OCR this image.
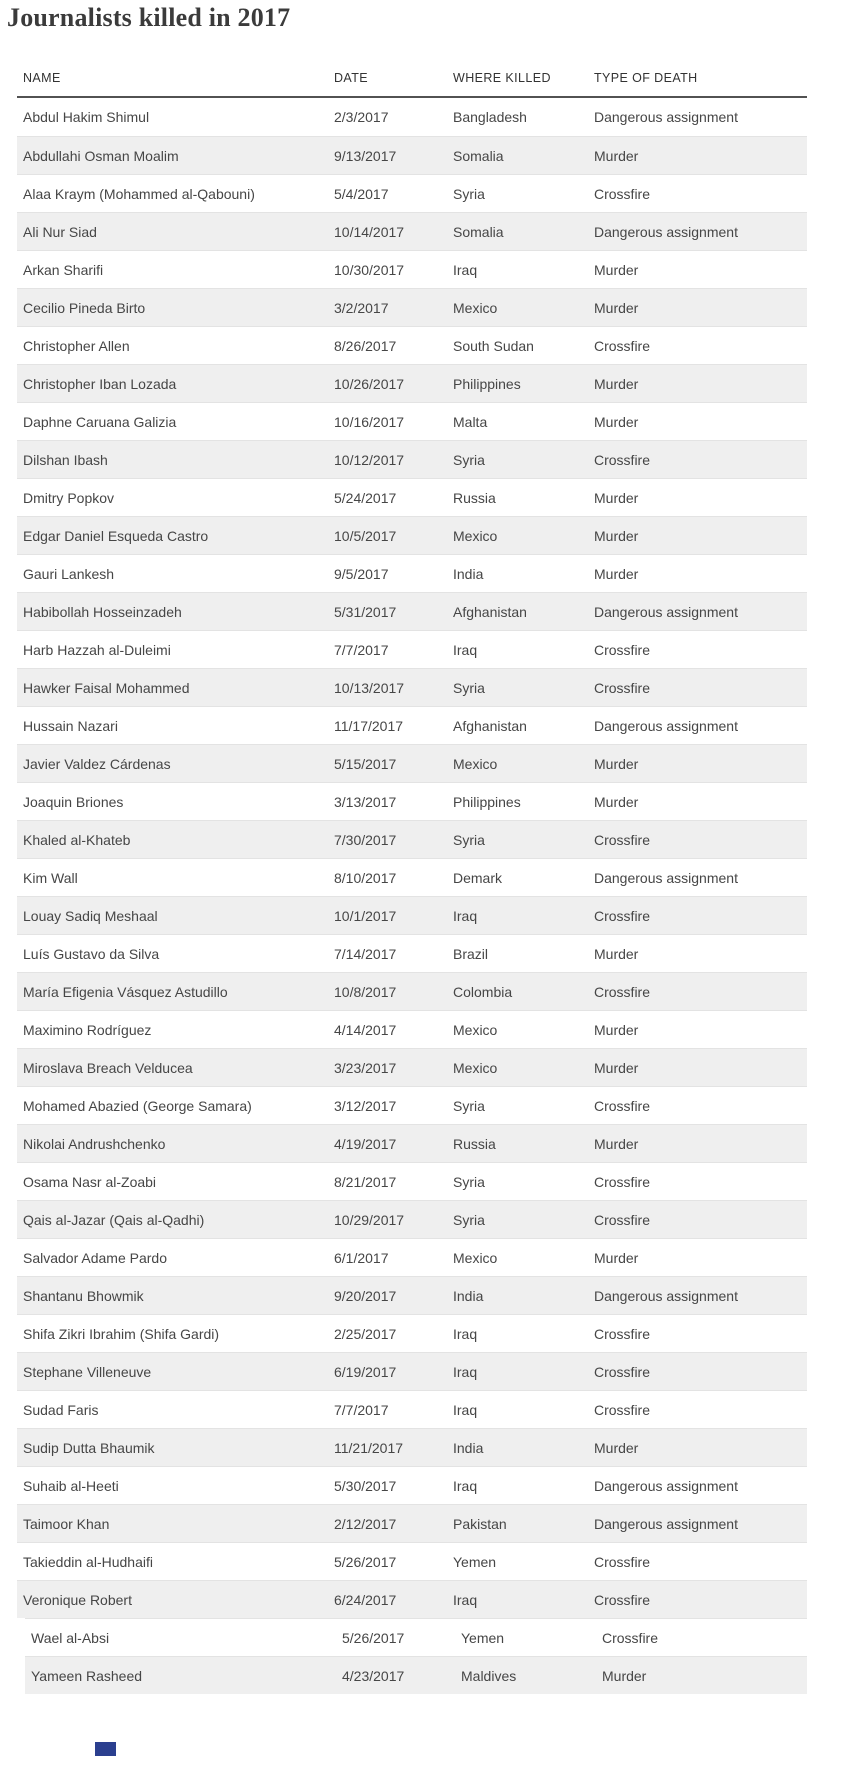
Journalists killed in 2017
NAME	DATE	WHERE KILLED	TYPE OF DEATH
Abdul Hakim Shimul	2/3/2017	Bangladesh	Dangerous assignment
Abdullahi Osman Moalim	9/13/2017	Somalia	Murder
Alaa Kraym (Mohammed al-Qabouni)	5/4/2017	Syria	Crossfire
Ali Nur Siad	10/14/2017	Somalia	Dangerous assignment
Arkan Sharifi	10/30/2017	Iraq	Murder
Cecilio Pineda Birto	3/2/2017	Mexico	Murder
Christopher Allen	8/26/2017	South Sudan	Crossfire
Christopher Iban Lozada	10/26/2017	Philippines	Murder
Daphne Caruana Galizia	10/16/2017	Malta	Murder
Dilshan Ibash	10/12/2017	Syria	Crossfire
Dmitry Popkov	5/24/2017	Russia	Murder
Edgar Daniel Esqueda Castro	10/5/2017	Mexico	Murder
Gauri Lankesh	9/5/2017	India	Murder
Habibollah Hosseinzadeh	5/31/2017	Afghanistan	Dangerous assignment
Harb Hazzah al-Duleimi	7/7/2017	Iraq	Crossfire
Hawker Faisal Mohammed	10/13/2017	Syria	Crossfire
Hussain Nazari	11/17/2017	Afghanistan	Dangerous assignment
Javier Valdez Cárdenas	5/15/2017	Mexico	Murder
Joaquin Briones	3/13/2017	Philippines	Murder
Khaled al-Khateb	7/30/2017	Syria	Crossfire
Kim Wall	8/10/2017	Demark	Dangerous assignment
Louay Sadiq Meshaal	10/1/2017	Iraq	Crossfire
Luís Gustavo da Silva	7/14/2017	Brazil	Murder
María Efigenia Vásquez Astudillo	10/8/2017	Colombia	Crossfire
Maximino Rodríguez	4/14/2017	Mexico	Murder
Miroslava Breach Velducea	3/23/2017	Mexico	Murder
Mohamed Abazied (George Samara)	3/12/2017	Syria	Crossfire
Nikolai Andrushchenko	4/19/2017	Russia	Murder
Osama Nasr al-Zoabi	8/21/2017	Syria	Crossfire
Qais al-Jazar (Qais al-Qadhi)	10/29/2017	Syria	Crossfire
Salvador Adame Pardo	6/1/2017	Mexico	Murder
Shantanu Bhowmik	9/20/2017	India	Dangerous assignment
Shifa Zikri Ibrahim (Shifa Gardi)	2/25/2017	Iraq	Crossfire
Stephane Villeneuve	6/19/2017	Iraq	Crossfire
Sudad Faris	7/7/2017	Iraq	Crossfire
Sudip Dutta Bhaumik	11/21/2017	India	Murder
Suhaib al-Heeti	5/30/2017	Iraq	Dangerous assignment
Taimoor Khan	2/12/2017	Pakistan	Dangerous assignment
Takieddin al-Hudhaifi	5/26/2017	Yemen	Crossfire
Veronique Robert	6/24/2017	Iraq	Crossfire
Wael al-Absi	5/26/2017	Yemen	Crossfire
Yameen Rasheed	4/23/2017	Maldives	Murder
